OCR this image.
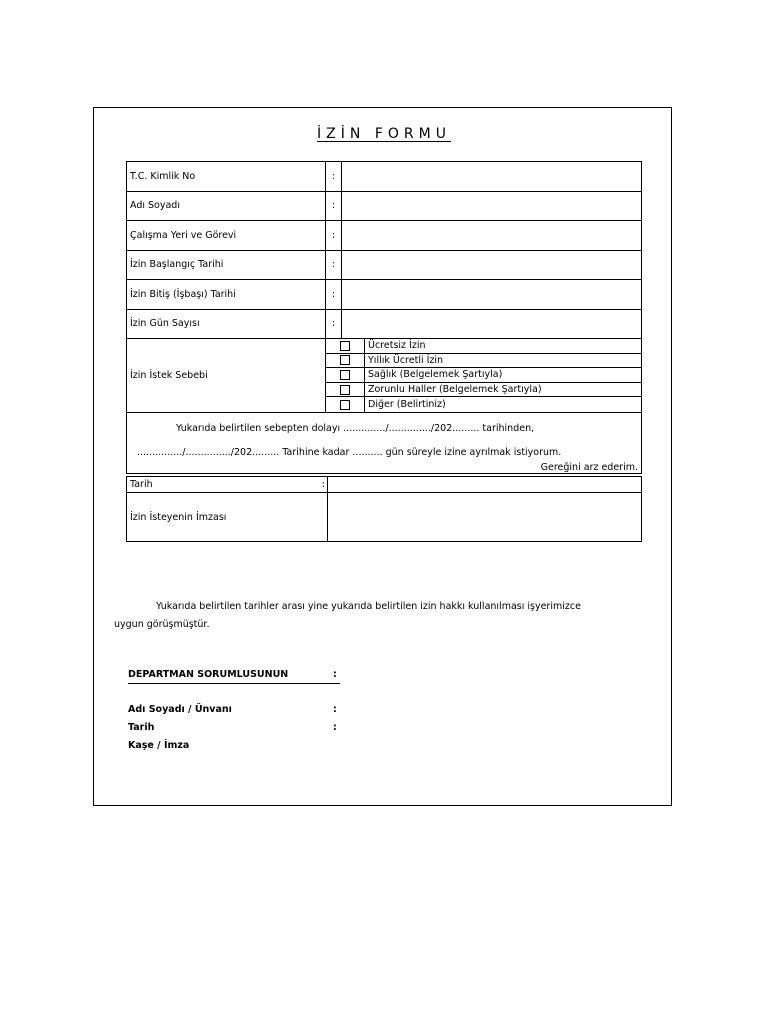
İZİN FORMU
T.C. Kimlik No	:	
Adı Soyadı	:	
Çalışma Yeri ve Görevi	:	
İzin Başlangıç Tarihi	:	
İzin Bitiş (İşbaşı) Tarihi	:	
İzin Gün Sayısı	:	
İzin İstek Sebebi	Ücretsiz İzin
Yıllık Ücretli İzin
Sağlık (Belgelemek Şartıyla)
Zorunlu Haller (Belgelemek Şartıyla)
Diğer (Belirtiniz)	

Yukarıda belirtilen sebepten dolayı ............../............../202......... tarihinden,
.............../.............../202......... Tarihine kadar .......... gün süreyle izine ayrılmak istiyorum.
Gereğini arz ederim.		
Tarih :	

İzin İsteyenin İmzası	
Yukarıda belirtilen tarihler arası yine yukarıda belirtilen izin hakkı kullanılması işyerimizce
uygun görüşmüştür.
DEPARTMAN SORUMLUSUNUN	:
Adı Soyadı / Ünvanı	:
Tarih	:
Kaşe / İmza
